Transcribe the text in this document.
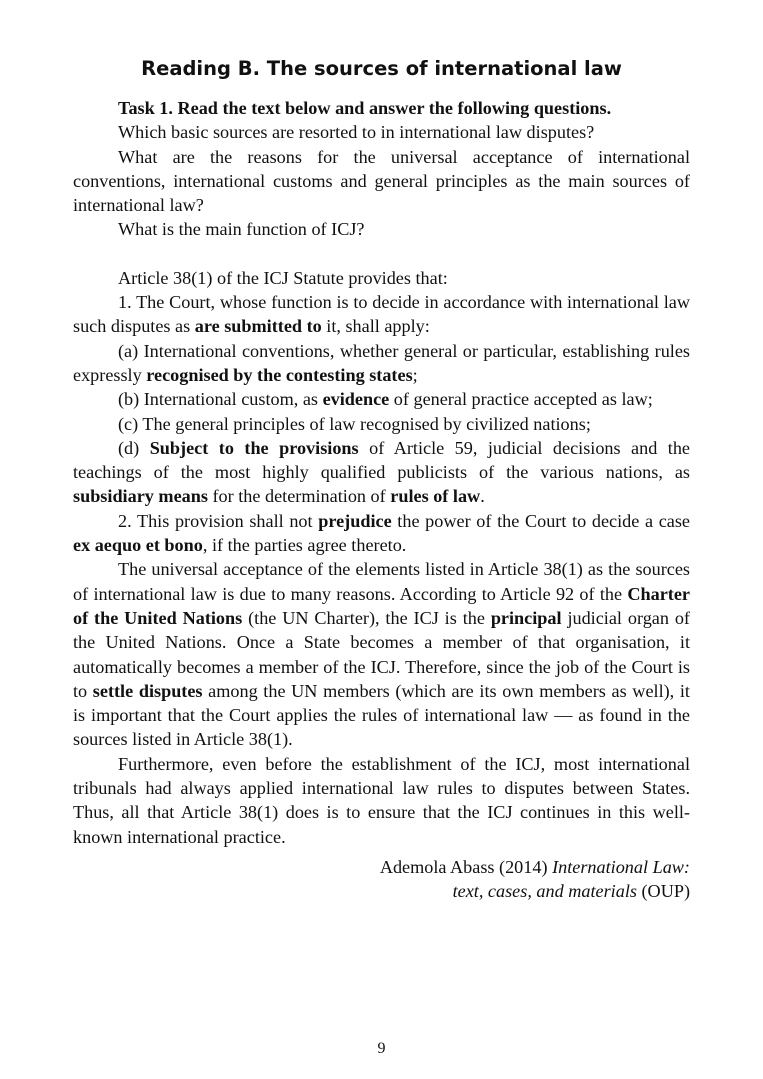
Reading B. The sources of international law

Task 1. Read the text below and answer the following questions.

Which basic sources are resorted to in international law disputes?

What are the reasons for the universal acceptance of international conventions, international customs and general principles as the main sources of international law?

What is the main function of ICJ?

Article 38(1) of the ICJ Statute provides that:

1. The Court, whose function is to decide in accordance with international law such disputes as are submitted to it, shall apply:

(a) International conventions, whether general or particular, establishing rules expressly recognised by the contesting states;

(b) International custom, as evidence of general practice accepted as law;

(c) The general principles of law recognised by civilized nations;

(d) Subject to the provisions of Article 59, judicial decisions and the teachings of the most highly qualified publicists of the various nations, as subsidiary means for the determination of rules of law.

2. This provision shall not prejudice the power of the Court to decide a case ex aequo et bono, if the parties agree thereto.

The universal acceptance of the elements listed in Article 38(1) as the sources of international law is due to many reasons. According to Article 92 of the Charter of the United Nations (the UN Charter), the ICJ is the principal judicial organ of the United Nations. Once a State becomes a member of that organisation, it automatically becomes a member of the ICJ. Therefore, since the job of the Court is to settle disputes among the UN members (which are its own members as well), it is important that the Court applies the rules of international law — as found in the sources listed in Article 38(1).

Furthermore, even before the establishment of the ICJ, most international tribunals had always applied international law rules to disputes between States. Thus, all that Article 38(1) does is to ensure that the ICJ continues in this well-known international practice.

Ademola Abass (2014) International Law:
text, cases, and materials (OUP)

9
